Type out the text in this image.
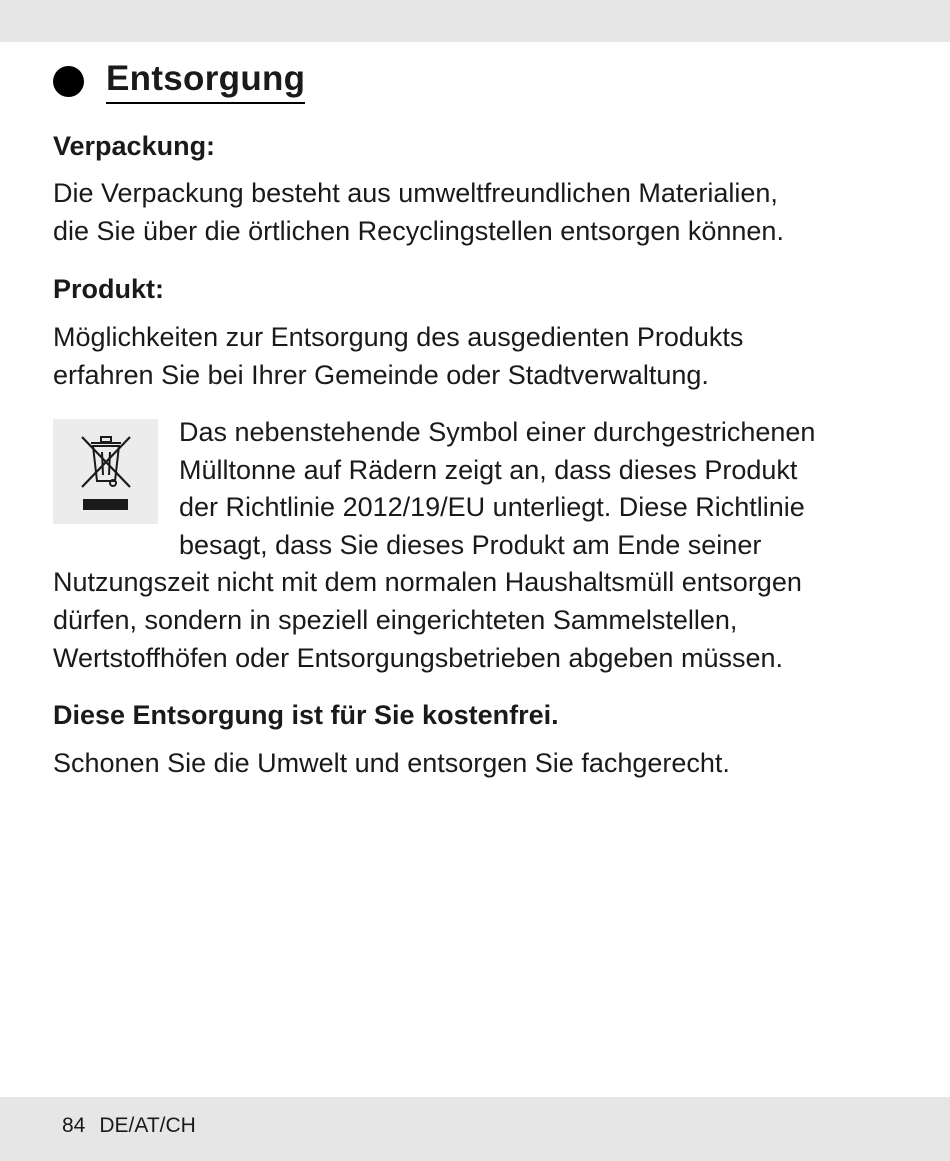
Entsorgung
Verpackung:

Die Verpackung besteht aus umweltfreundlichen Materialien,
die Sie über die örtlichen Recyclingstellen entsorgen können.

Produkt:

Möglichkeiten zur Entsorgung des ausgedienten Produkts
erfahren Sie bei Ihrer Gemeinde oder Stadtverwaltung.

Das nebenstehende Symbol einer durchgestrichenen
Mülltonne auf Rädern zeigt an, dass dieses Produkt
der Richtlinie 2012/19/EU unterliegt. Diese Richtlinie
besagt, dass Sie dieses Produkt am Ende seiner

Nutzungszeit nicht mit dem normalen Haushaltsmüll entsorgen
dürfen, sondern in speziell eingerichteten Sammelstellen,
Wertstoffhöfen oder Entsorgungsbetrieben abgeben müssen.

Diese Entsorgung ist für Sie kostenfrei.

Schonen Sie die Umwelt und entsorgen Sie fachgerecht.

84 DE/AT/CH
